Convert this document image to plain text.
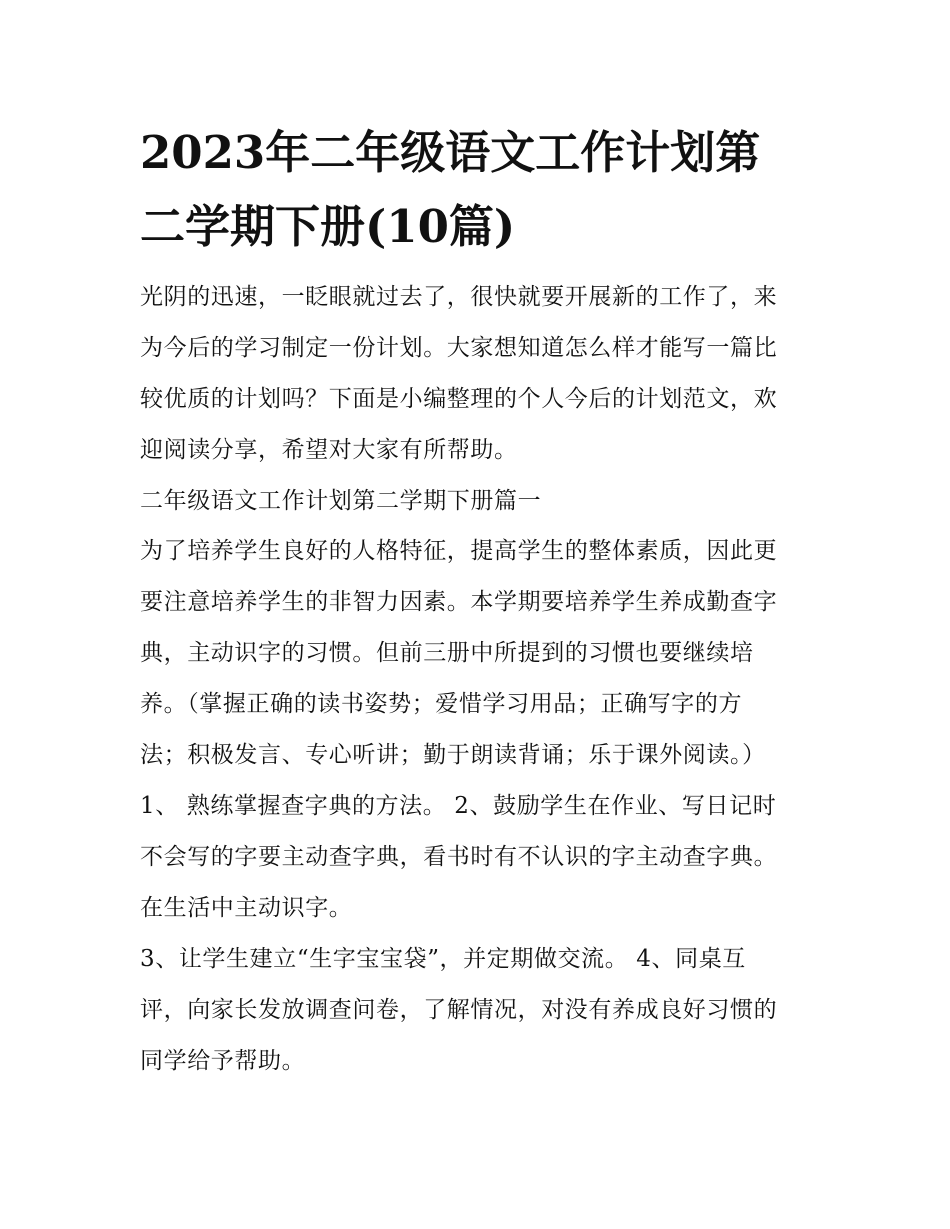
2023年二年级语文工作计划第
二学期下册(10篇)

光阴的迅速，一眨眼就过去了，很快就要开展新的工作了，来
为今后的学习制定一份计划。大家想知道怎么样才能写一篇比
较优质的计划吗？下面是小编整理的个人今后的计划范文，欢
迎阅读分享，希望对大家有所帮助。

二年级语文工作计划第二学期下册篇一

为了培养学生良好的人格特征，提高学生的整体素质，因此更
要注意培养学生的非智力因素。本学期要培养学生养成勤查字
典，主动识字的习惯。但前三册中所提到的习惯也要继续培
养。（掌握正确的读书姿势；爱惜学习用品；正确写字的方
法；积极发言、专心听讲；勤于朗读背诵；乐于课外阅读。）

1、 熟练掌握查字典的方法。 2、鼓励学生在作业、写日记时
不会写的字要主动查字典，看书时有不认识的字主动查字典。
在生活中主动识字。

3、让学生建立“生字宝宝袋”，并定期做交流。 4、同桌互
评，向家长发放调查问卷，了解情况，对没有养成良好习惯的
同学给予帮助。
